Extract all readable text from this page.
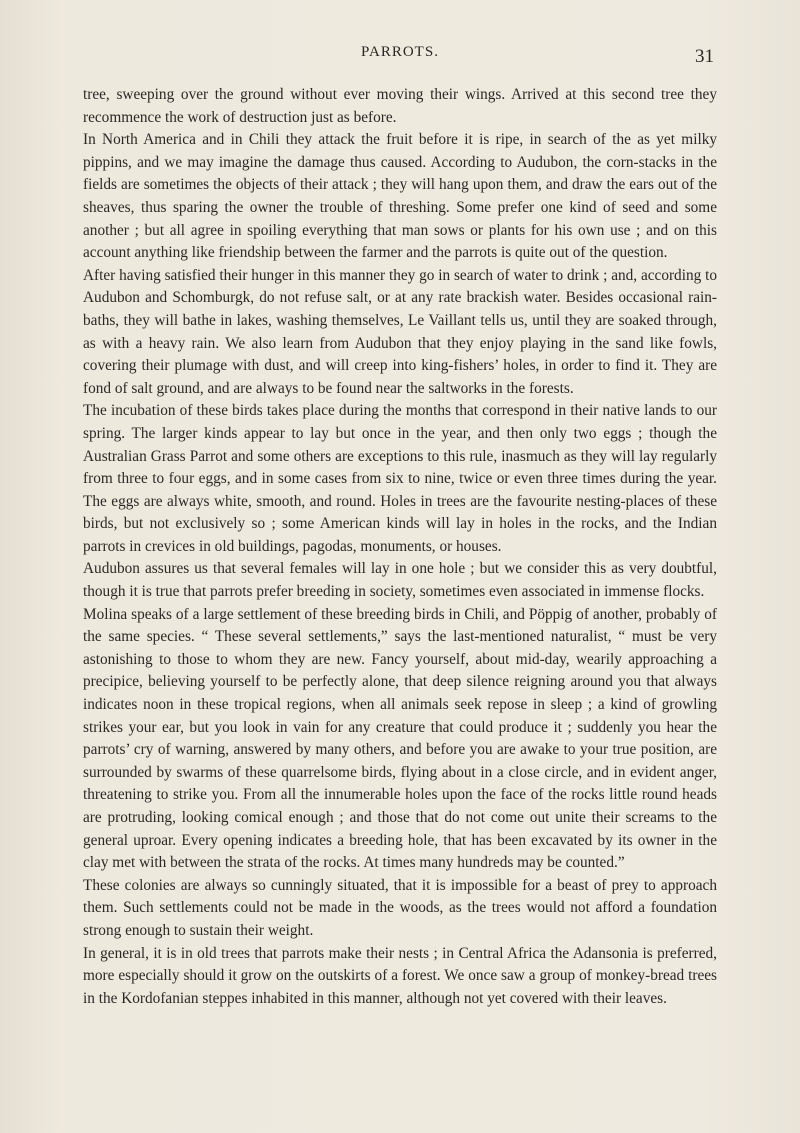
PARROTS.	31

tree, sweeping over the ground without ever moving their wings. Arrived at this second tree they recommence the work of destruction just as before.

In North America and in Chili they attack the fruit before it is ripe, in search of the as yet milky pippins, and we may imagine the damage thus caused. According to Audubon, the corn-stacks in the fields are sometimes the objects of their attack ; they will hang upon them, and draw the ears out of the sheaves, thus sparing the owner the trouble of threshing. Some prefer one kind of seed and some another ; but all agree in spoiling everything that man sows or plants for his own use ; and on this account anything like friendship between the farmer and the parrots is quite out of the question.

After having satisfied their hunger in this manner they go in search of water to drink ; and, according to Audubon and Schomburgk, do not refuse salt, or at any rate brackish water. Besides occasional rain-baths, they will bathe in lakes, washing themselves, Le Vaillant tells us, until they are soaked through, as with a heavy rain. We also learn from Audubon that they enjoy playing in the sand like fowls, covering their plumage with dust, and will creep into king-fishers’ holes, in order to find it. They are fond of salt ground, and are always to be found near the saltworks in the forests.

The incubation of these birds takes place during the months that correspond in their native lands to our spring. The larger kinds appear to lay but once in the year, and then only two eggs ; though the Australian Grass Parrot and some others are exceptions to this rule, inasmuch as they will lay regularly from three to four eggs, and in some cases from six to nine, twice or even three times during the year. The eggs are always white, smooth, and round. Holes in trees are the favourite nesting-places of these birds, but not exclusively so ; some American kinds will lay in holes in the rocks, and the Indian parrots in crevices in old buildings, pagodas, monuments, or houses.

Audubon assures us that several females will lay in one hole ; but we consider this as very doubtful, though it is true that parrots prefer breeding in society, sometimes even associated in immense flocks.

Molina speaks of a large settlement of these breeding birds in Chili, and Pöppig of another, probably of the same species. “ These several settlements,” says the last-mentioned naturalist, “ must be very astonishing to those to whom they are new. Fancy yourself, about mid-day, wearily approaching a precipice, believing yourself to be perfectly alone, that deep silence reigning around you that always indicates noon in these tropical regions, when all animals seek repose in sleep ; a kind of growling strikes your ear, but you look in vain for any creature that could produce it ; suddenly you hear the parrots’ cry of warning, answered by many others, and before you are awake to your true position, are surrounded by swarms of these quarrelsome birds, flying about in a close circle, and in evident anger, threatening to strike you. From all the innumerable holes upon the face of the rocks little round heads are protruding, looking comical enough ; and those that do not come out unite their screams to the general uproar. Every opening indicates a breeding hole, that has been excavated by its owner in the clay met with between the strata of the rocks. At times many hundreds may be counted.”

These colonies are always so cunningly situated, that it is impossible for a beast of prey to approach them. Such settlements could not be made in the woods, as the trees would not afford a foundation strong enough to sustain their weight.

In general, it is in old trees that parrots make their nests ; in Central Africa the Adansonia is preferred, more especially should it grow on the outskirts of a forest. We once saw a group of monkey-bread trees in the Kordofanian steppes inhabited in this manner, although not yet covered with their leaves.
